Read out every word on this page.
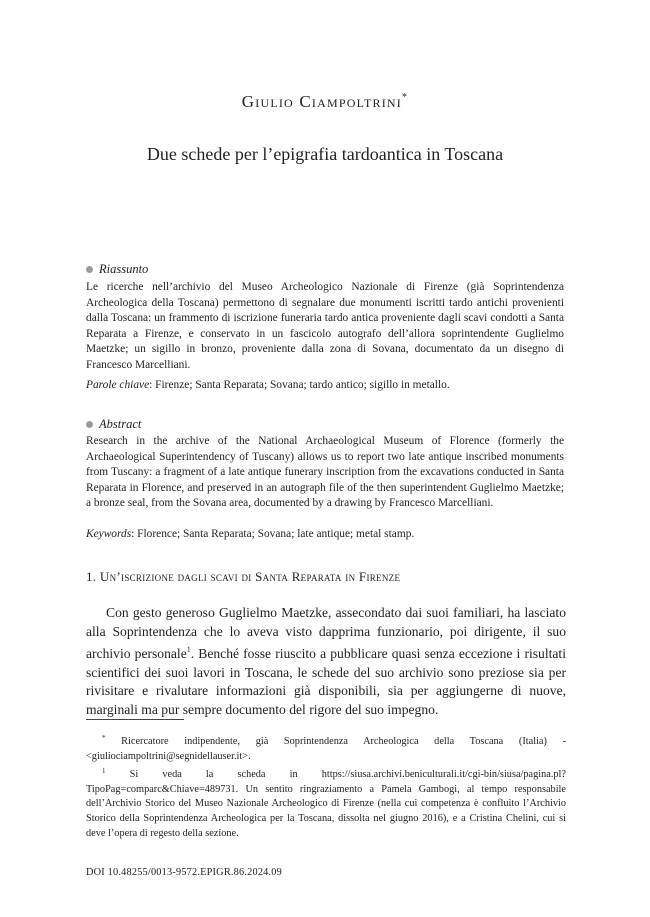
Giulio Ciampoltrini*
Due schede per l’epigrafia tardoantica in Toscana
Riassunto
Le ricerche nell’archivio del Museo Archeologico Nazionale di Firenze (già Soprintendenza Archeologica della Toscana) permettono di segnalare due monumenti iscritti tardo antichi provenienti dalla Toscana: un frammento di iscrizione funeraria tardo antica proveniente dagli scavi condotti a Santa Reparata a Firenze, e conservato in un fascicolo autografo dell’allora soprintendente Guglielmo Maetzke; un sigillo in bronzo, proveniente dalla zona di Sovana, documentato da un disegno di Francesco Marcelliani.
Parole chiave: Firenze; Santa Reparata; Sovana; tardo antico; sigillo in metallo.
Abstract
Research in the archive of the National Archaeological Museum of Florence (formerly the Archaeological Superintendency of Tuscany) allows us to report two late antique inscribed monuments from Tuscany: a fragment of a late antique funerary inscription from the excavations conducted in Santa Reparata in Florence, and preserved in an autograph file of the then superintendent Guglielmo Maetzke; a bronze seal, from the Sovana area, documented by a drawing by Francesco Marcelliani.
Keywords: Florence; Santa Reparata; Sovana; late antique; metal stamp.
1. Un’iscrizione dagli scavi di Santa Reparata in Firenze
Con gesto generoso Guglielmo Maetzke, assecondato dai suoi familiari, ha lasciato alla Soprintendenza che lo aveva visto dapprima funzionario, poi dirigente, il suo archivio personale$^1$. Benché fosse riuscito a pubblicare quasi senza eccezione i risultati scientifici dei suoi lavori in Toscana, le schede del suo archivio sono preziose sia per rivisitare e rivalutare informazioni già disponibili, sia per aggiungerne di nuove, marginali ma pur sempre documento del rigore del suo impegno.

* Ricercatore indipendente, già Soprintendenza Archeologica della Toscana (Italia) - <giuliociampoltrini@segnidellauser.it>.

$^1$ Si veda la scheda in https://siusa.archivi.beniculturali.it/cgi-bin/siusa/pagina.pl?TipoPag=comparc&Chiave=489731. Un sentito ringraziamento a Pamela Gambogi, al tempo responsabile dell’Archivio Storico del Museo Nazionale Archeologico di Firenze (nella cui competenza è confluito l’Archivio Storico della Soprintendenza Archeologica per la Toscana, dissolta nel giugno 2016), e a Cristina Chelini, cui si deve l’opera di regesto della sezione.

DOI 10.48255/0013-9572.EPIGR.86.2024.09
